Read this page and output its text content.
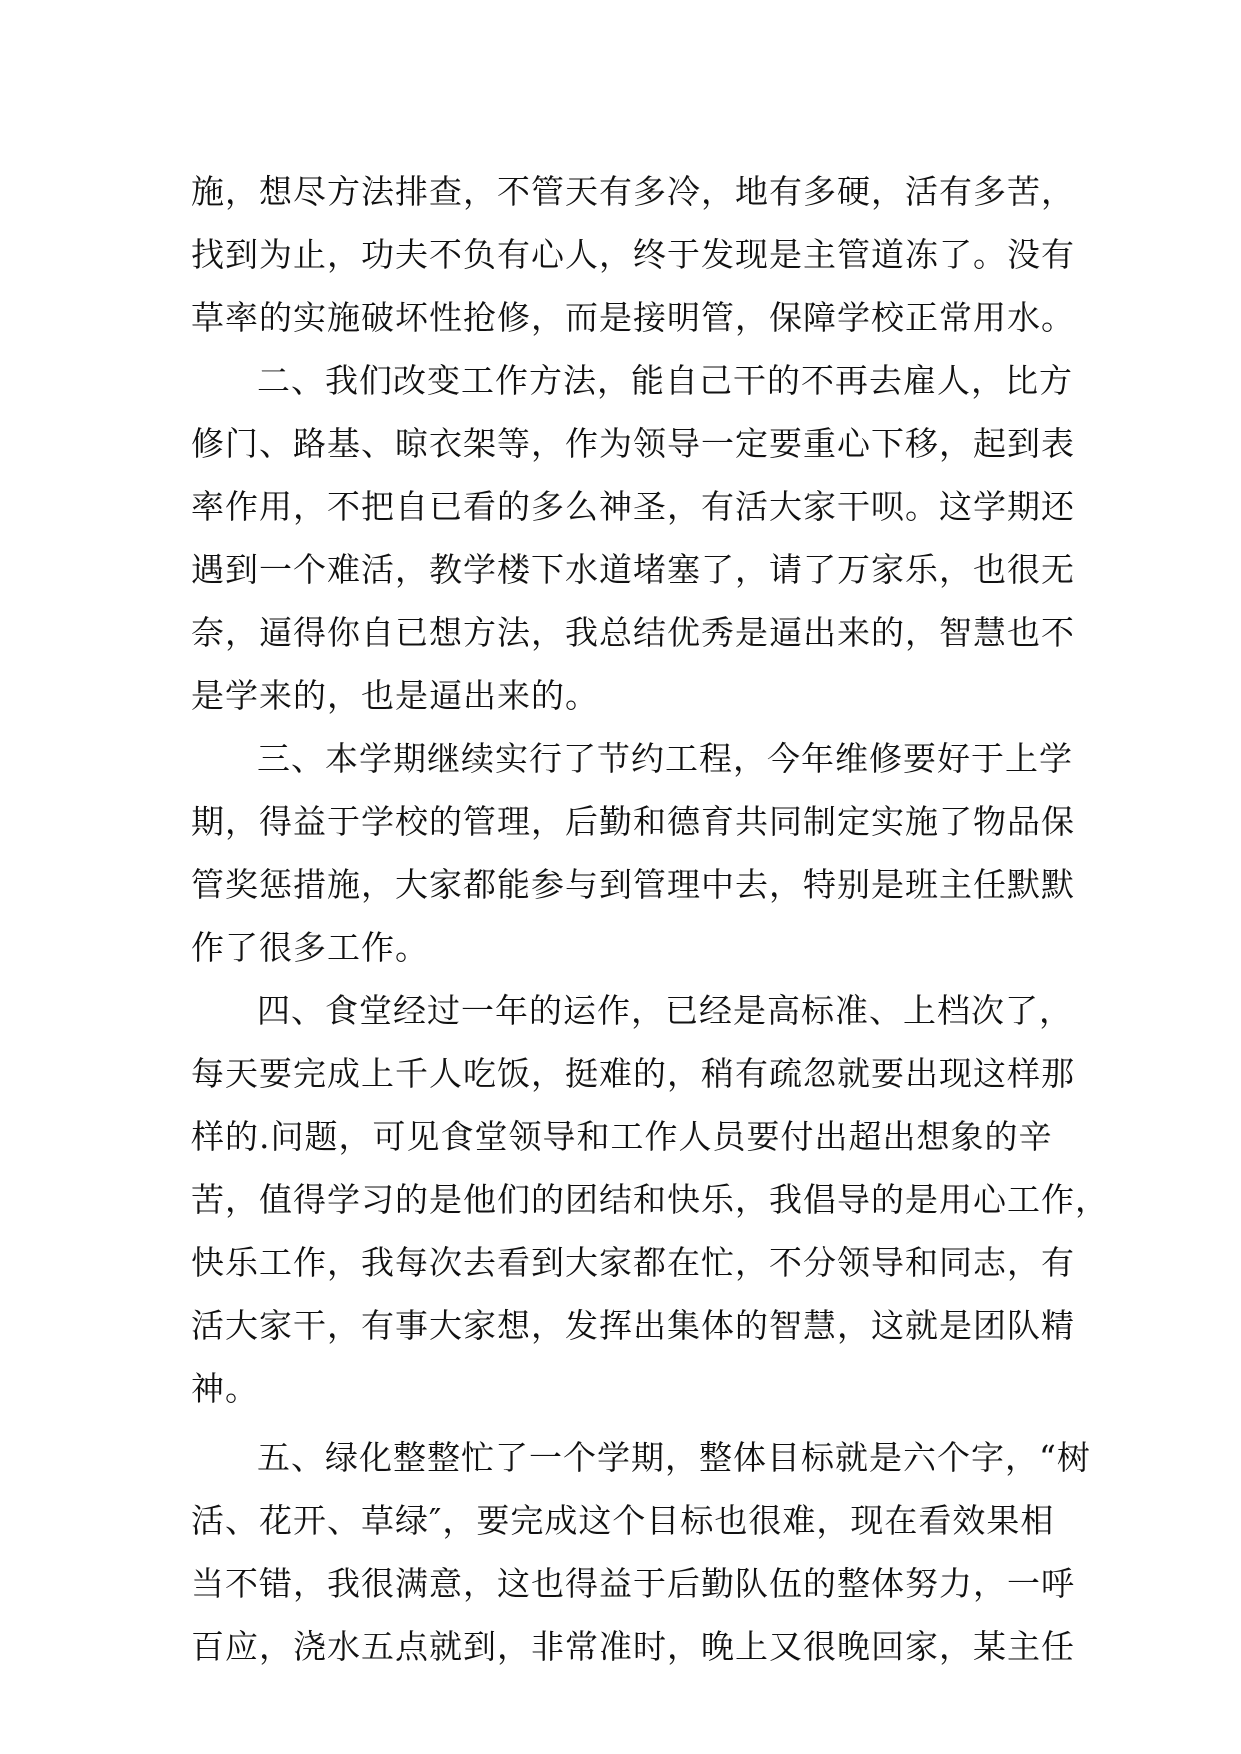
施，想尽方法排查，不管天有多冷，地有多硬，活有多苦，
找到为止，功夫不负有心人，终于发现是主管道冻了。没有
草率的实施破坏性抢修，而是接明管，保障学校正常用水。
二、我们改变工作方法，能自己干的不再去雇人，比方
修门、路基、晾衣架等，作为领导一定要重心下移，起到表
率作用，不把自已看的多么神圣，有活大家干呗。这学期还
遇到一个难活，教学楼下水道堵塞了，请了万家乐，也很无
奈，逼得你自已想方法，我总结优秀是逼出来的，智慧也不
是学来的，也是逼出来的。
三、本学期继续实行了节约工程，今年维修要好于上学
期，得益于学校的管理，后勤和德育共同制定实施了物品保
管奖惩措施，大家都能参与到管理中去，特别是班主任默默
作了很多工作。
四、食堂经过一年的运作，已经是高标准、上档次了，
每天要完成上千人吃饭，挺难的，稍有疏忽就要出现这样那
样的.问题，可见食堂领导和工作人员要付出超出想象的辛
苦，值得学习的是他们的团结和快乐，我倡导的是用心工作，
快乐工作，我每次去看到大家都在忙，不分领导和同志，有
活大家干，有事大家想，发挥出集体的智慧，这就是团队精
神。
五、绿化整整忙了一个学期，整体目标就是六个字，“树
活、花开、草绿″，要完成这个目标也很难，现在看效果相
当不错，我很满意，这也得益于后勤队伍的整体努力，一呼
百应，浇水五点就到，非常准时，晚上又很晚回家，某主任
